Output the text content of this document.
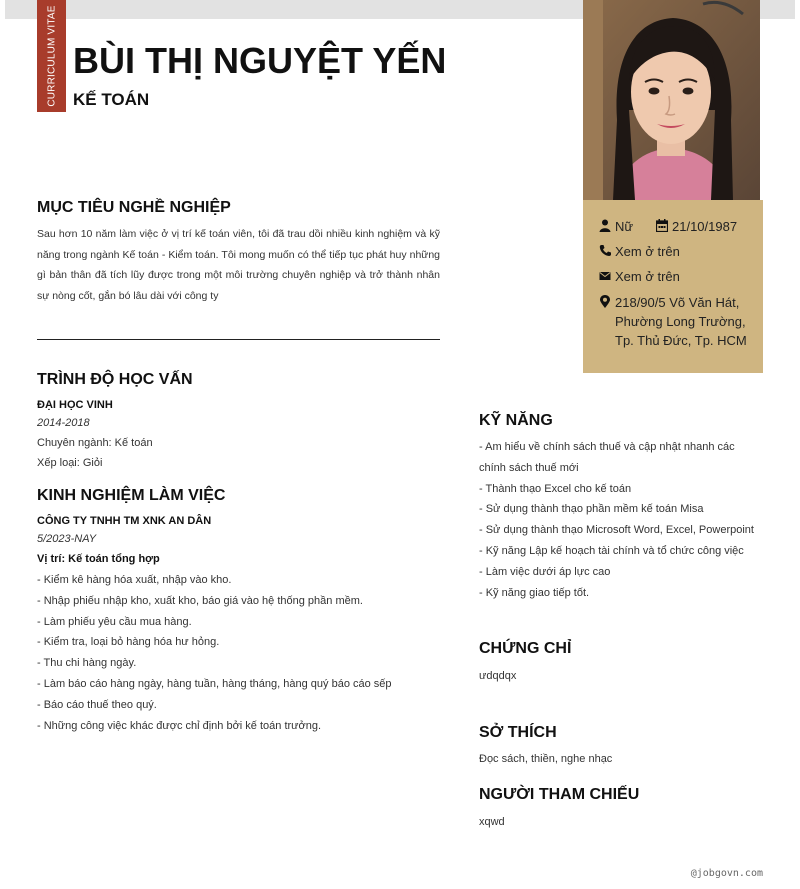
CURRICULUM VITAE BÙI THỊ NGUYỆT YẾN
KẾ TOÁN
Nữ	21/10/1987
Xem ở trên
Xem ở trên
218/90/5 Võ Văn Hát,
Phường Long Trường,
Tp. Thủ Đức, Tp. HCM
MỤC TIÊU NGHỀ NGHIỆP

Sau hơn 10 năm làm việc ở vị trí kế toán viên, tôi đã trau dồi nhiều kinh nghiệm và kỹ năng trong ngành Kế toán - Kiểm toán. Tôi mong muốn có thể tiếp tục phát huy những gì bản thân đã tích lũy được trong một môi trường chuyên nghiệp và trở thành nhân sự nòng cốt, gắn bó lâu dài với công ty

TRÌNH ĐỘ HỌC VẤN
ĐẠI HỌC VINH
2014-2018
Chuyên ngành: Kế toán
Xếp loại: Giỏi
KINH NGHIỆM LÀM VIỆC
CÔNG TY TNHH TM XNK AN DÂN
5/2023-NAY
Vị trí: Kế toán tổng hợp
- Kiểm kê hàng hóa xuất, nhập vào kho.
- Nhập phiếu nhập kho, xuất kho, báo giá vào hệ thống phần mềm.
- Làm phiếu yêu cầu mua hàng.
- Kiểm tra, loại bỏ hàng hóa hư hỏng.
- Thu chi hàng ngày.
- Làm báo cáo hàng ngày, hàng tuần, hàng tháng, hàng quý báo cáo sếp
- Báo cáo thuế theo quý.
- Những công việc khác được chỉ định bởi kế toán trưởng.
KỸ NĂNG
- Am hiểu về chính sách thuế và cập nhật nhanh các
chính sách thuế mới
- Thành thạo Excel cho kế toán
- Sử dụng thành thạo phần mềm kế toán Misa
- Sử dụng thành thạo Microsoft Word, Excel, Powerpoint
- Kỹ năng Lập kế hoạch tài chính và tổ chức công việc
- Làm việc dưới áp lực cao
- Kỹ năng giao tiếp tốt.
CHỨNG CHỈ
ưdqdqx
SỞ THÍCH
Đọc sách, thiền, nghe nhạc
NGƯỜI THAM CHIẾU
xqwd
@jobgovn.com
